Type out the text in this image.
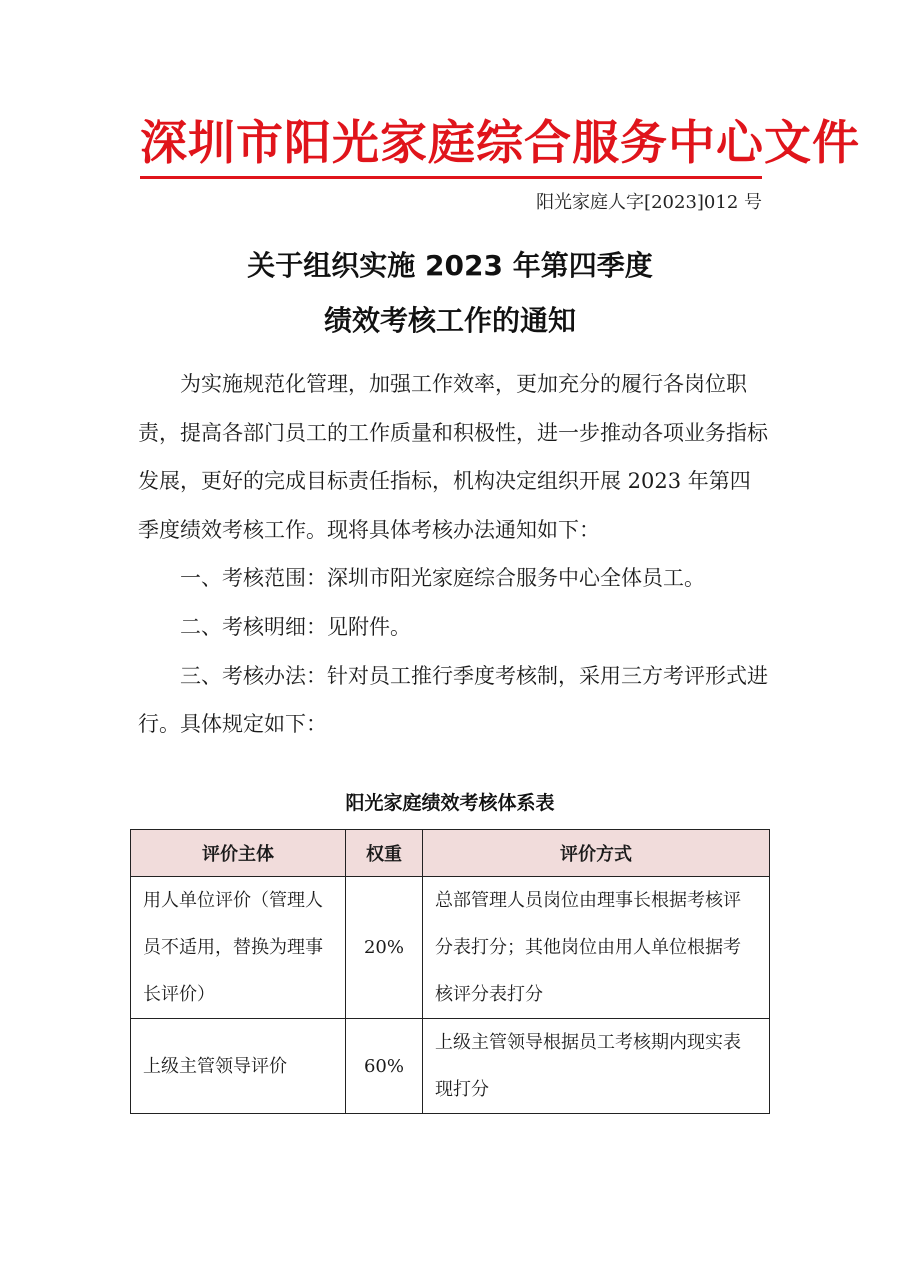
深圳市阳光家庭综合服务中心文件
阳光家庭人字[2023]012 号
关于组织实施 2023 年第四季度
绩效考核工作的通知

为实施规范化管理，加强工作效率，更加充分的履行各岗位职责，提高各部门员工的工作质量和积极性，进一步推动各项业务指标发展，更好的完成目标责任指标，机构决定组织开展 2023 年第四季度绩效考核工作。现将具体考核办法通知如下：

一、考核范围：深圳市阳光家庭综合服务中心全体员工。

二、考核明细：见附件。

三、考核办法：针对员工推行季度考核制，采用三方考评形式进行。具体规定如下：

阳光家庭绩效考核体系表
评价主体	权重	评价方式

用人单位评价（管理人员不适用，替换为理事长评价）	20%	总部管理人员岗位由理事长根据考核评分表打分；其他岗位由用人单位根据考核评分表打分

上级主管领导评价	60%	上级主管领导根据员工考核期内现实表现打分
